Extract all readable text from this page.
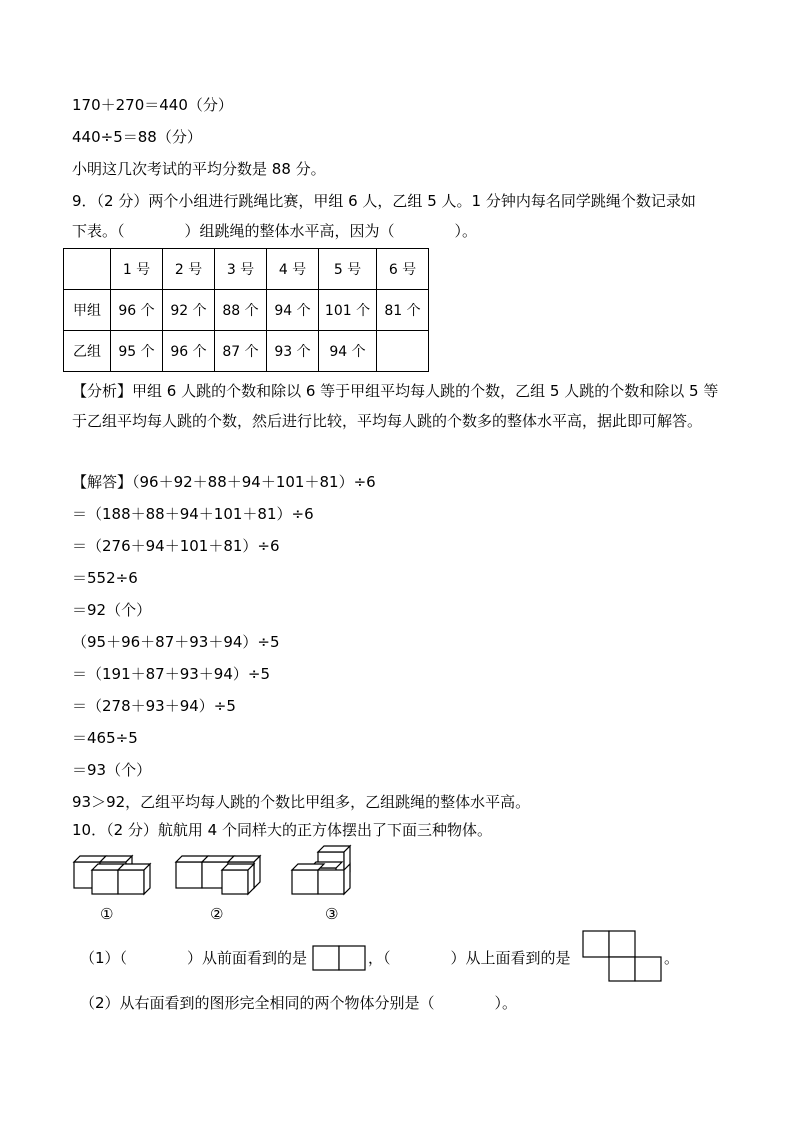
170＋270＝440（分）
440÷5＝88（分）
小明这几次考试的平均分数是 88 分。
9．（2 分）两个小组进行跳绳比赛，甲组 6 人，乙组 5 人。1 分钟内每名同学跳绳个数记录如
下表。（　　　　）组跳绳的整体水平高，因为（　　　　）。
	1 号	2 号	3 号	4 号	5 号	6 号
甲组	96 个	92 个	88 个	94 个	101 个	81 个
乙组	95 个	96 个	87 个	93 个	94 个	
【分析】甲组 6 人跳的个数和除以 6 等于甲组平均每人跳的个数，乙组 5 人跳的个数和除以 5 等于乙组平均每人跳的个数，然后进行比较，平均每人跳的个数多的整体水平高，据此即可解答。
【解答】（96＋92＋88＋94＋101＋81）÷6
＝（188＋88＋94＋101＋81）÷6
＝（276＋94＋101＋81）÷6
＝552÷6
＝92（个）
（95＋96＋87＋93＋94）÷5
＝（191＋87＋93＋94）÷5
＝（278＋93＋94）÷5
＝465÷5
＝93（个）
93＞92，乙组平均每人跳的个数比甲组多，乙组跳绳的整体水平高。
10．（2 分）航航用 4 个同样大的正方体摆出了下面三种物体。
①	②	③
（1）（　　　　）从前面看到的是	，（　　　　）从上面看到的是	。
（2）从右面看到的图形完全相同的两个物体分别是（　　　　）。
